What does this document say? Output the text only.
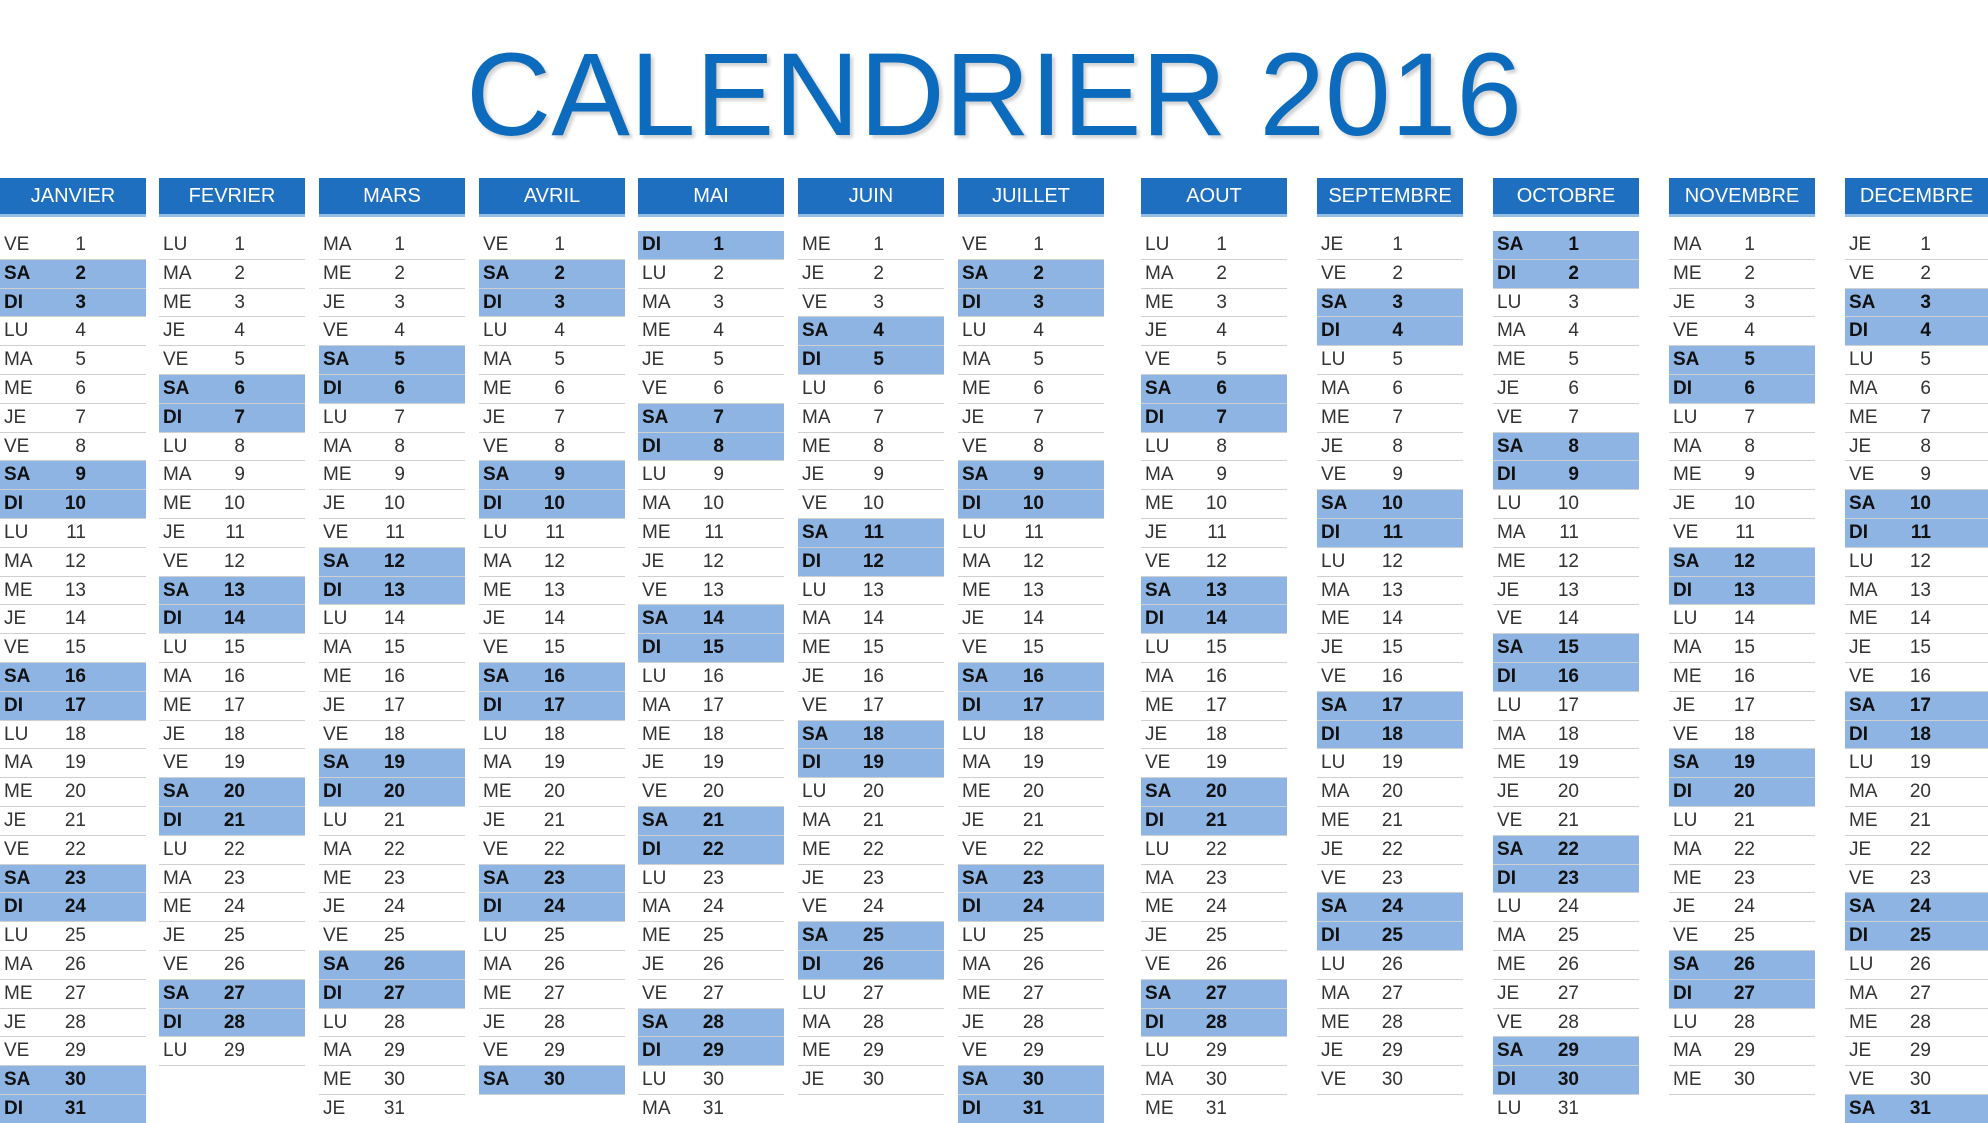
CALENDRIER 2016
JANVIER
VE 1
SA 2
DI	3
LU 4
MA 5
ME 6
JE	7
VE 8
SA 9
DI 10
LU 11
MA 12
ME 13
JE 14
VE 15
SA 16
DI 17
LU 18
MA 19
ME 20
JE 21
VE 22
SA 23
DI 24
LU 25
MA 26
ME 27
JE 28
VE 29
SA 30
DI 31
FEVRIER
LU 1
MA 2
ME 3
JE	4
VE 5
SA 6
DI	7
LU 8
MA 9
ME 10
JE 11
VE 12
SA 13
DI 14
LU 15
MA 16
ME 17
JE 18
VE 19
SA 20
DI 21
LU 22
MA 23
ME 24
JE 25
VE 26
SA 27
DI 28
LU 29
MARS
MA 1
ME 2
JE	3
VE 4
SA 5
DI	6
LU 7
MA 8
ME 9
JE 10
VE 11
SA 12
DI 13
LU 14
MA 15
ME 16
JE 17
VE 18
SA 19
DI 20
LU 21
MA 22
ME 23
JE 24
VE 25
SA 26
DI 27
LU 28
MA 29
ME 30
JE 31
AVRIL
VE 1
SA 2
DI	3
LU 4
MA 5
ME 6
JE	7
VE 8
SA 9
DI 10
LU 11
MA 12
ME 13
JE 14
VE 15
SA 16
DI 17
LU 18
MA 19
ME 20
JE 21
VE 22
SA 23
DI 24
LU 25
MA 26
ME 27
JE 28
VE 29
SA 30
MAI
DI	1
LU 2
MA 3
ME 4
JE	5
VE 6
SA 7
DI	8
LU 9
MA 10
ME 11
JE 12
VE 13
SA 14
DI 15
LU 16
MA 17
ME 18
JE 19
VE 20
SA 21
DI 22
LU 23
MA 24
ME 25
JE 26
VE 27
SA 28
DI 29
LU 30
MA 31
JUIN
ME 1
JE	2
VE 3
SA 4
DI	5
LU 6
MA 7
ME 8
JE	9
VE 10
SA 11
DI 12
LU 13
MA 14
ME 15
JE 16
VE 17
SA 18
DI 19
LU 20
MA 21
ME 22
JE 23
VE 24
SA 25
DI 26
LU 27
MA 28
ME 29
JE 30
JUILLET
VE 1
SA 2
DI	3
LU 4
MA 5
ME 6
JE	7
VE 8
SA 9
DI 10
LU 11
MA 12
ME 13
JE 14
VE 15
SA 16
DI 17
LU 18
MA 19
ME 20
JE 21
VE 22
SA 23
DI 24
LU 25
MA 26
ME 27
JE 28
VE 29
SA 30
DI 31
AOUT
LU 1
MA 2
ME 3
JE	4
VE 5
SA 6
DI	7
LU 8
MA 9
ME 10
JE 11
VE 12
SA 13
DI 14
LU 15
MA 16
ME 17
JE 18
VE 19
SA 20
DI 21
LU 22
MA 23
ME 24
JE 25
VE 26
SA 27
DI 28
LU 29
MA 30
ME 31
SEPTEMBRE
JE	1
VE 2
SA 3
DI	4
LU 5
MA 6
ME 7
JE	8
VE 9
SA 10
DI 11
LU 12
MA 13
ME 14
JE 15
VE 16
SA 17
DI 18
LU 19
MA 20
ME 21
JE 22
VE 23
SA 24
DI 25
LU 26
MA 27
ME 28
JE 29
VE 30
OCTOBRE
SA 1
DI	2
LU 3
MA 4
ME 5
JE	6
VE 7
SA 8
DI	9
LU 10
MA 11
ME 12
JE 13
VE 14
SA 15
DI 16
LU 17
MA 18
ME 19
JE 20
VE 21
SA 22
DI 23
LU 24
MA 25
ME 26
JE 27
VE 28
SA 29
DI 30
LU 31
NOVEMBRE
MA 1
ME 2
JE	3
VE 4
SA 5
DI	6
LU 7
MA 8
ME 9
JE 10
VE 11
SA 12
DI 13
LU 14
MA 15
ME 16
JE 17
VE 18
SA 19
DI 20
LU 21
MA 22
ME 23
JE 24
VE 25
SA 26
DI 27
LU 28
MA 29
ME 30
DECEMBRE
JE	1
VE 2
SA 3
DI	4
LU 5
MA 6
ME 7
JE	8
VE 9
SA 10
DI 11
LU 12
MA 13
ME 14
JE 15
VE 16
SA 17
DI 18
LU 19
MA 20
ME 21
JE 22
VE 23
SA 24
DI 25
LU 26
MA 27
ME 28
JE 29
VE 30
SA 31
